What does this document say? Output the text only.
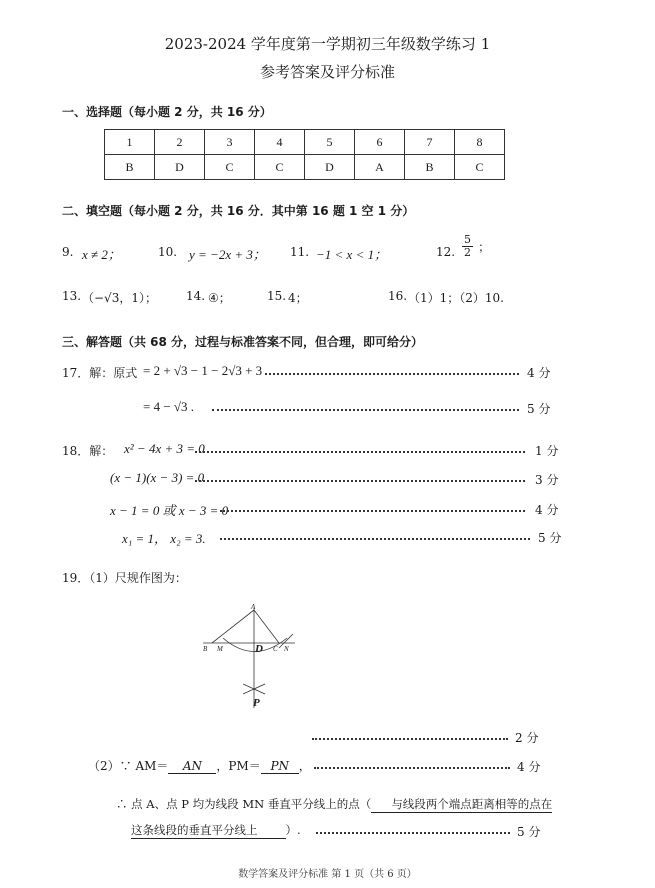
2023-2024 学年度第一学期初三年级数学练习 1
参考答案及评分标准
一、选择题（每小题 2 分，共 16 分）
1	2	3	4	5	6	7	8
B	D	C	C	D	A	B	C
二、填空题（每小题 2 分，共 16 分．其中第 16 题 1 空 1 分）
9. x ≠ 2；	10. y = −2x + 3； 11. −1 < x < 1；	12. $\frac{5}{2}$ ；
13. （−√3，1）； 14. ④；	15. 4；	16. （1）1；（2）10.
三、解答题（共 68 分，过程与标准答案不同，但合理，即可给分）
17．解：原式 = 2 + √3 − 1 − 2√3 + 3	4 分
= 4 − √3 .	5 分
18．解： x² − 4x + 3 = 0	1 分
(x − 1)(x − 3) = 0	3 分
x − 1 = 0 或 x − 3 = 0	4 分
x₁ = 1， x₂ = 3.	5 分
19．（1）尺规作图为：
A
B M	D C N
P
2 分
（2）∵ AM＝ AN ，PM＝ PN ，	4 分
∴ 点 A、点 P 均为线段 MN 垂直平分线上的点（ 与线段两个端点距离相等的点在
这条线段的垂直平分线上 ）.	5 分
数学答案及评分标准 第 1 页（共 6 页）
